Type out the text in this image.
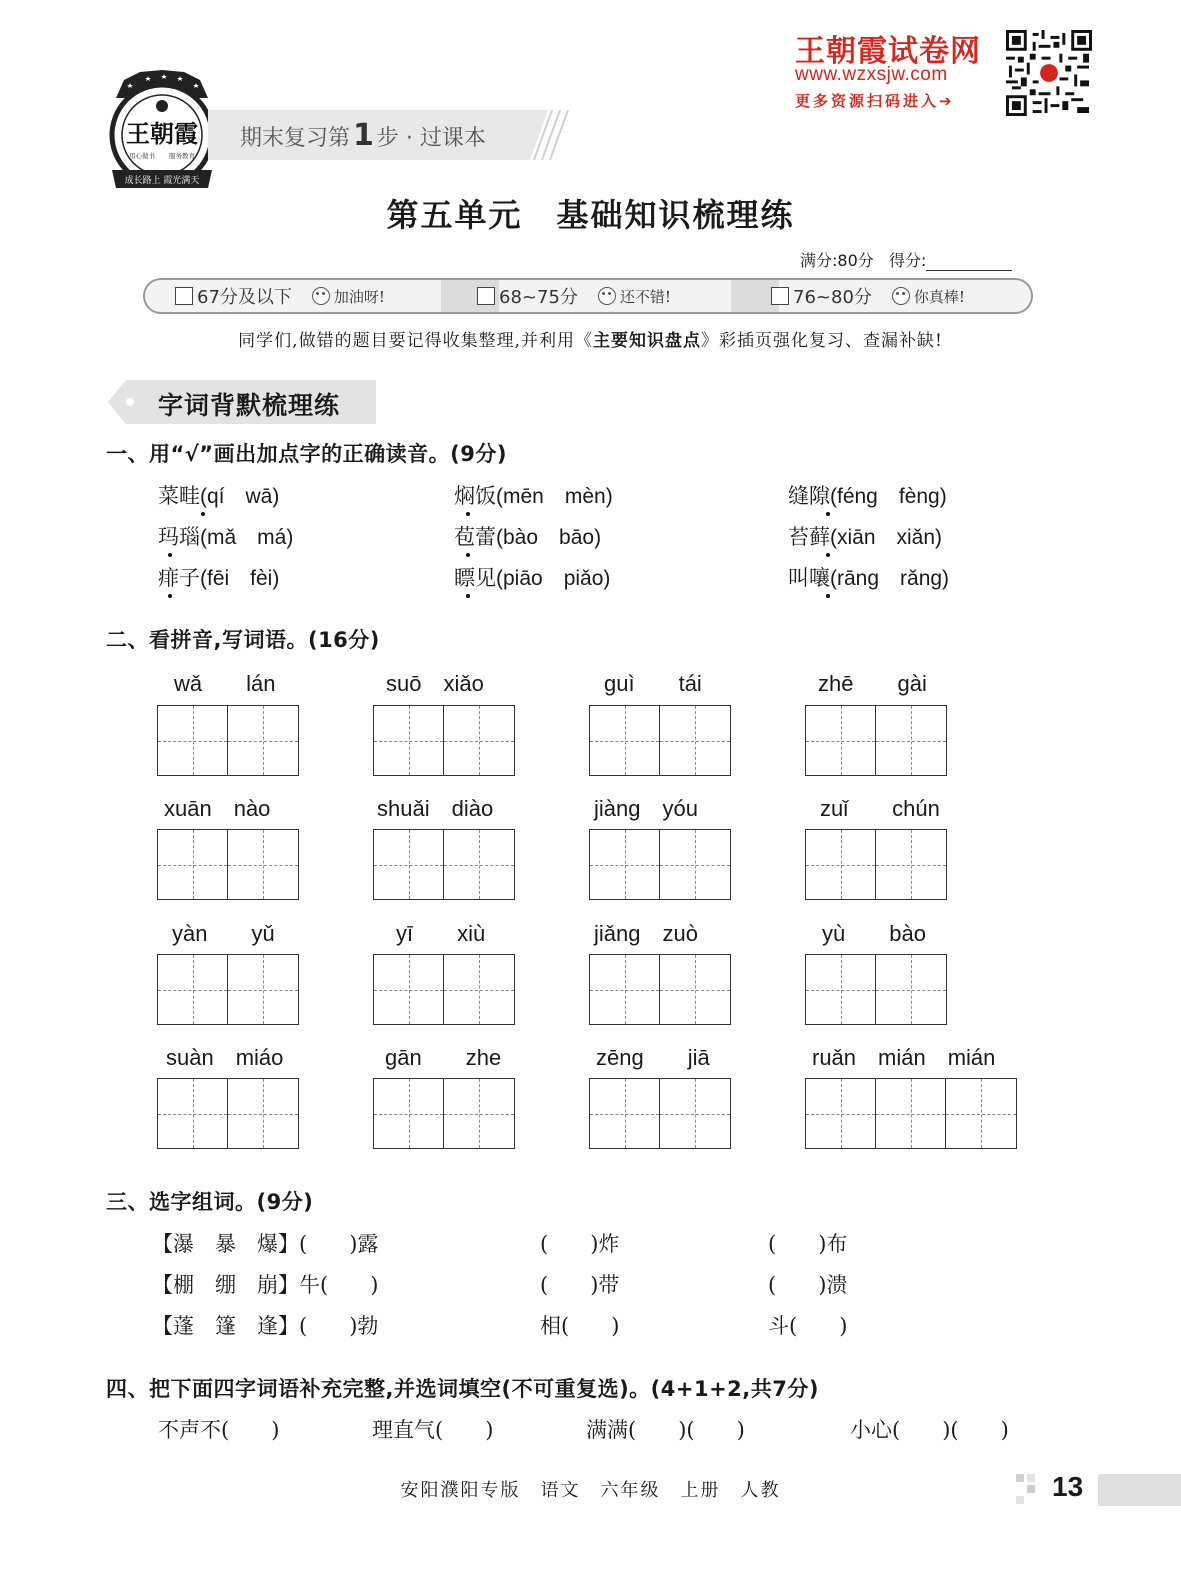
王朝霞试卷网
www.wzxsjw.com
更多资源扫码进入➔
王朝霞
用心做书 服务教育
成长路上 霞光满天
期末复习第 1 步 · 过课本
第五单元　基础知识梳理练
满分:80分 得分:
67分及以下	加油呀!	68~75分	还不错!	76~80分	你真棒!
同学们,做错的题目要记得收集整理,并利用《主要知识盘点》彩插页强化复习、查漏补缺!
字词背默梳理练
一、用“√”画出加点字的正确读音。(9分)
菜畦(qí　wā)	焖饭(mēn　mèn)	缝隙(féng　fèng)
玛瑙(mǎ　má)	苞蕾(bào　bāo)	苔藓(xiān　xiǎn)
痱子(fēi　fèi)	瞟见(piāo　piǎo)	叫嚷(rāng　rǎng)
二、看拼音,写词语。(16分)
wǎ　　lán	suō　xiǎo	guì　　tái	zhē　　gài
xuān　nào	shuǎi　diào	jiàng　yóu	zuǐ　　chún
yàn　　yǔ	yī　　xiù	jiǎng　zuò	yù　　bào
suàn　miáo	gān　　zhe	zēng　　jiā	ruǎn　mián　mián
三、选字组词。(9分)
【瀑　暴　爆】(　　)露	(　　)炸	(　　)布
【棚　绷　崩】牛(　　)	(　　)带	(　　)溃
【蓬　篷　逢】(　　)勃	相(　　)	斗(　　)
四、把下面四字词语补充完整,并选词填空(不可重复选)。(4+1+2,共7分)
不声不(　　)	理直气(　　)	满满(　　)(　　)	小心(　　)(　　)
安阳濮阳专版　语文　六年级　上册　人教	13
